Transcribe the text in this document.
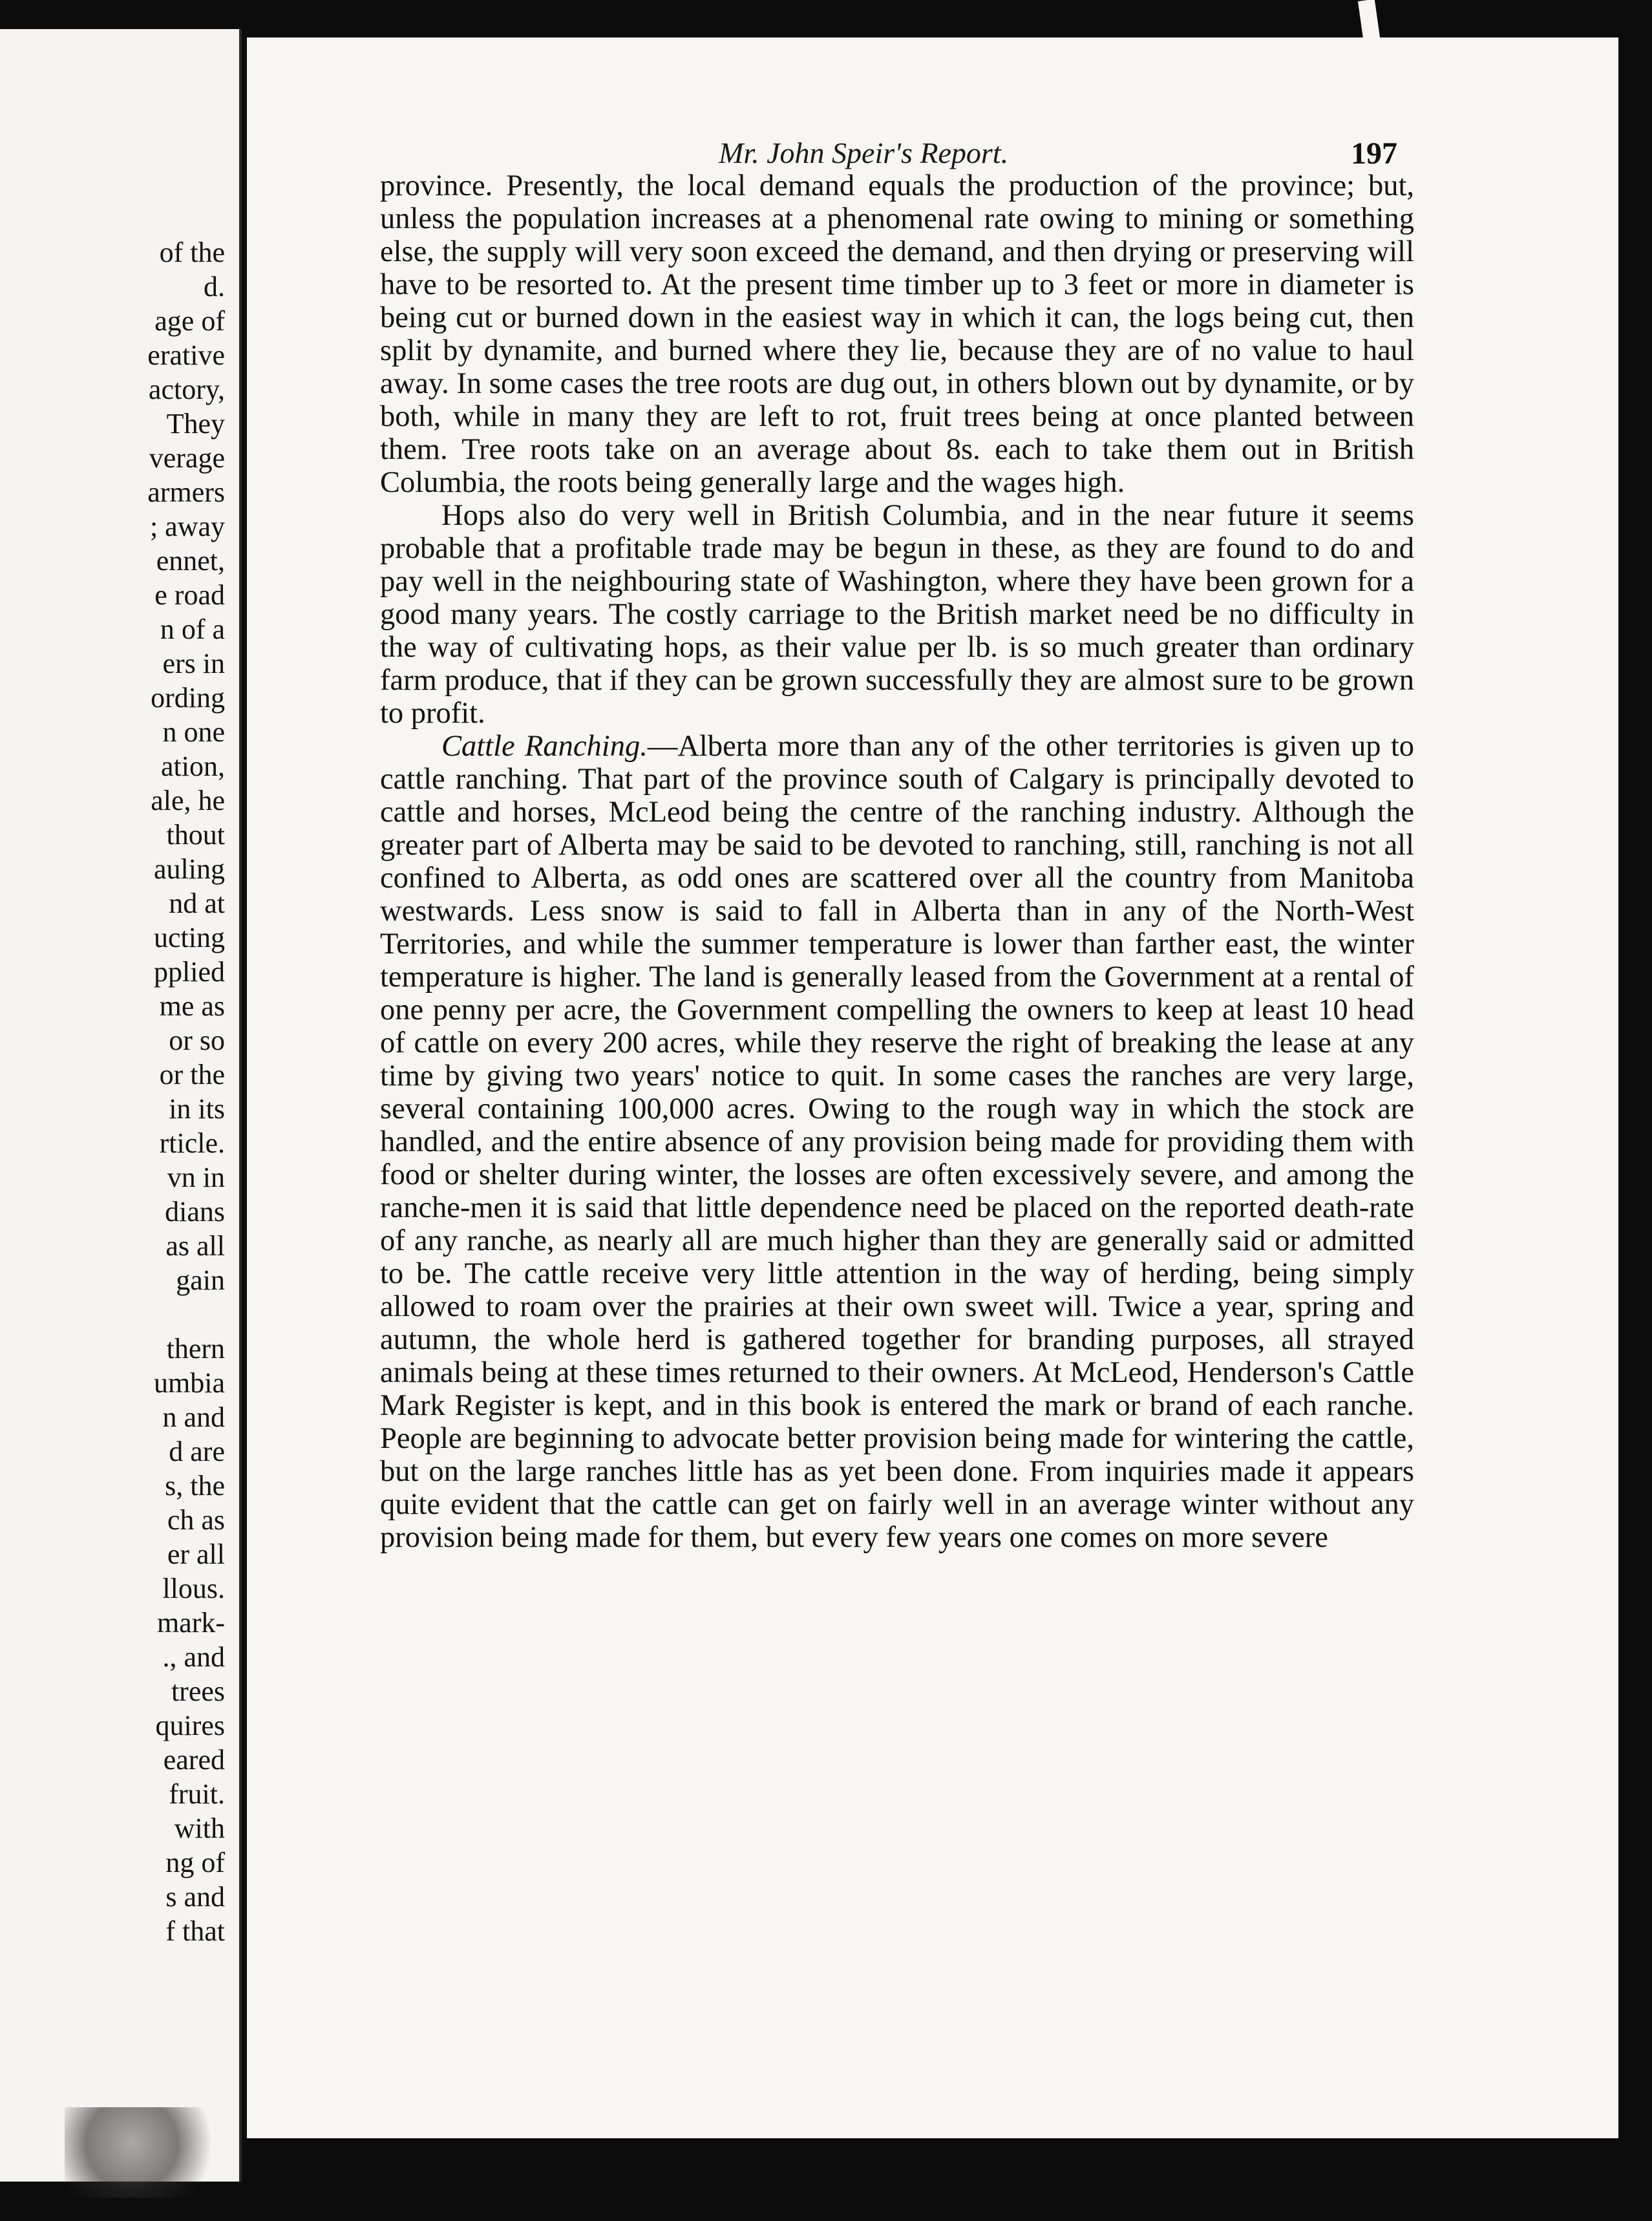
of the
d.
age of
erative
actory,
They
verage
armers
; away
ennet,
e road
n of a
ers in
ording
n one
ation,
ale, he
thout
auling
nd at
ucting
pplied
me as
or so
or the
in its
rticle.
vn in
dians
as all
gain
thern
umbia
n and
d are
s, the
ch as
er all
llous.
mark-
., and
trees
quires
eared
fruit.
with
ng of
s and
f that
Mr. John Speir's Report.	197

province. Presently, the local demand equals the production of the province; but, unless the population increases at a phenomenal rate owing to mining or something else, the supply will very soon exceed the demand, and then drying or preserving will have to be resorted to. At the present time timber up to 3 feet or more in diameter is being cut or burned down in the easiest way in which it can, the logs being cut, then split by dynamite, and burned where they lie, because they are of no value to haul away. In some cases the tree roots are dug out, in others blown out by dynamite, or by both, while in many they are left to rot, fruit trees being at once planted between them. Tree roots take on an average about 8s. each to take them out in British Columbia, the roots being generally large and the wages high.

Hops also do very well in British Columbia, and in the near future it seems probable that a profitable trade may be begun in these, as they are found to do and pay well in the neighbouring state of Washington, where they have been grown for a good many years. The costly carriage to the British market need be no difficulty in the way of cultivating hops, as their value per lb. is so much greater than ordinary farm produce, that if they can be grown successfully they are almost sure to be grown to profit.

Cattle Ranching.—Alberta more than any of the other territories is given up to cattle ranching. That part of the province south of Calgary is principally devoted to cattle and horses, McLeod being the centre of the ranching industry. Although the greater part of Alberta may be said to be devoted to ranching, still, ranching is not all confined to Alberta, as odd ones are scattered over all the country from Manitoba westwards. Less snow is said to fall in Alberta than in any of the North-West Territories, and while the summer temperature is lower than farther east, the winter temperature is higher. The land is generally leased from the Government at a rental of one penny per acre, the Government compelling the owners to keep at least 10 head of cattle on every 200 acres, while they reserve the right of breaking the lease at any time by giving two years' notice to quit. In some cases the ranches are very large, several containing 100,000 acres. Owing to the rough way in which the stock are handled, and the entire absence of any provision being made for providing them with food or shelter during winter, the losses are often excessively severe, and among the ranche-men it is said that little dependence need be placed on the reported death-rate of any ranche, as nearly all are much higher than they are generally said or admitted to be. The cattle receive very little attention in the way of herding, being simply allowed to roam over the prairies at their own sweet will. Twice a year, spring and autumn, the whole herd is gathered together for branding purposes, all strayed animals being at these times returned to their owners. At McLeod, Henderson's Cattle Mark Register is kept, and in this book is entered the mark or brand of each ranche. People are beginning to advocate better provision being made for wintering the cattle, but on the large ranches little has as yet been done. From inquiries made it appears quite evident that the cattle can get on fairly well in an average winter without any provision being made for them, but every few years one comes on more severe
